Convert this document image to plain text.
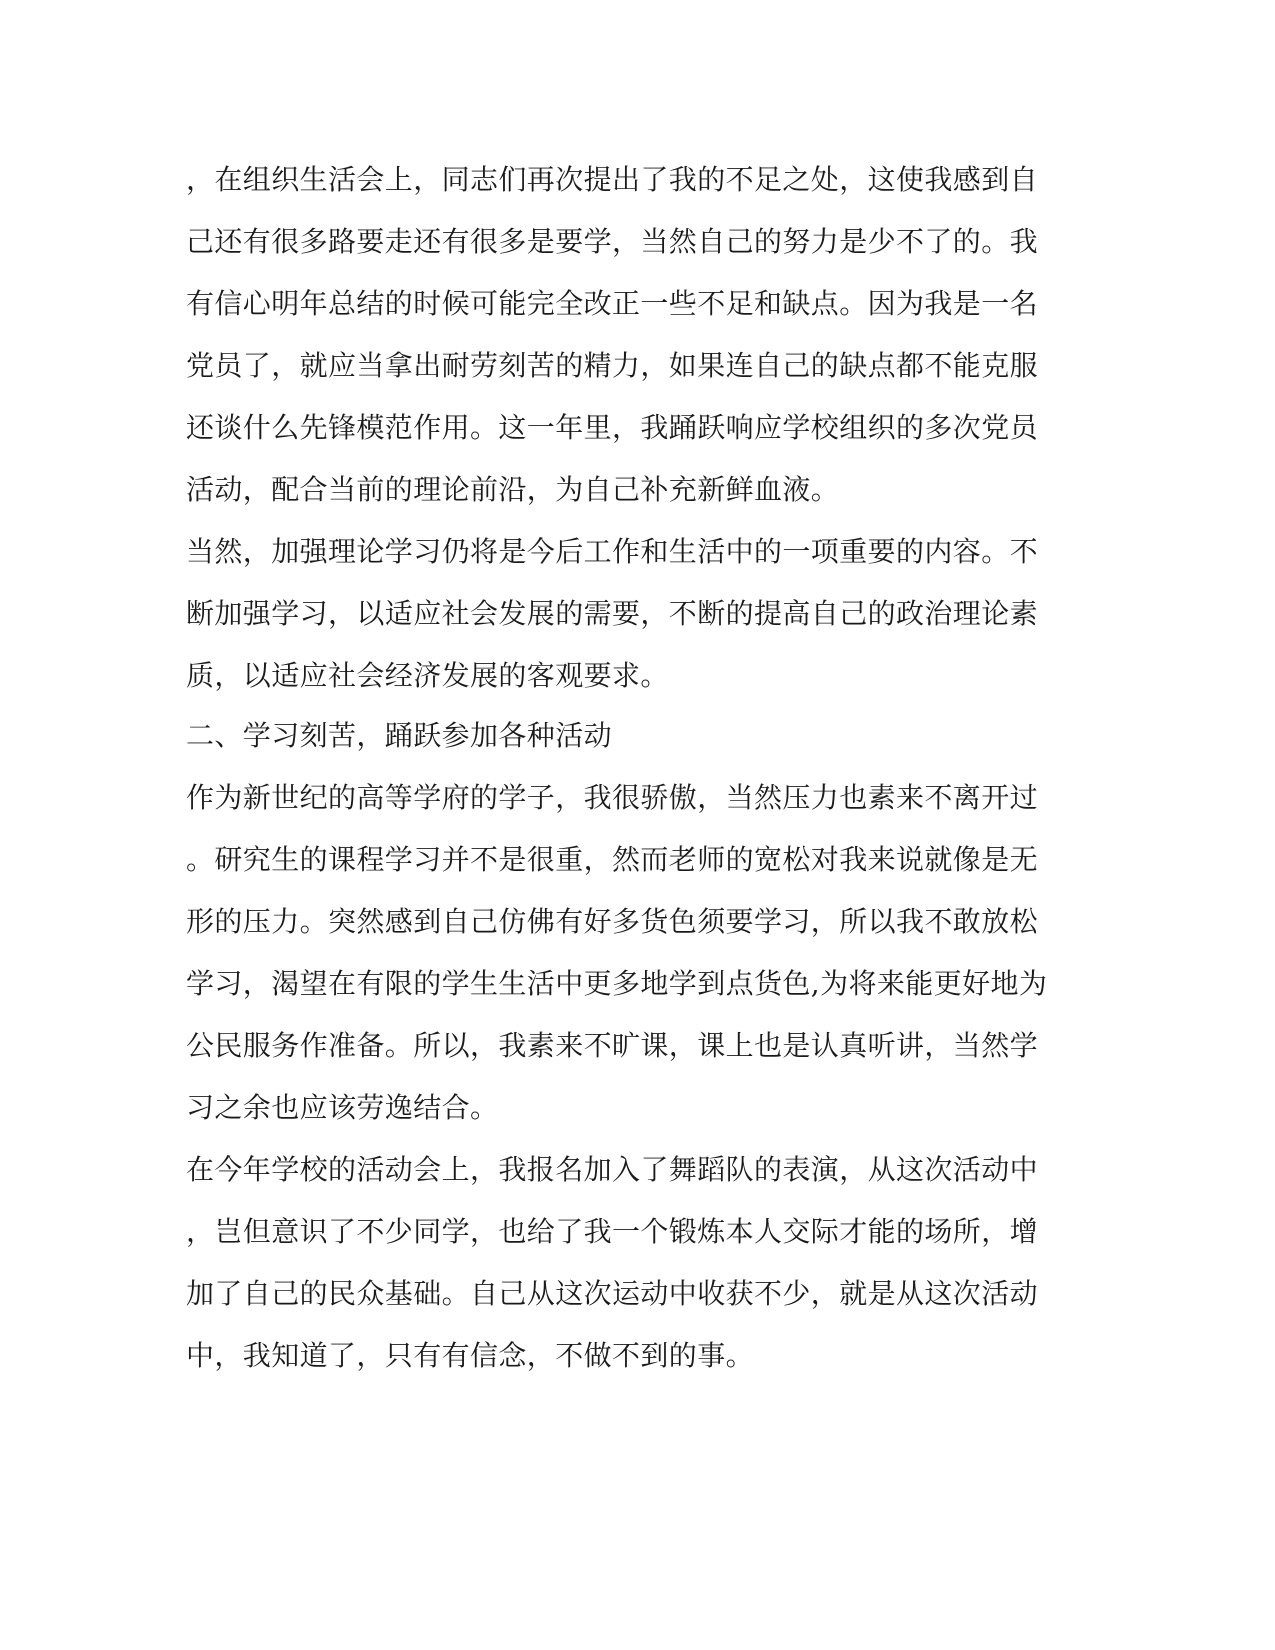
，在组织生活会上，同志们再次提出了我的不足之处，这使我感到自
己还有很多路要走还有很多是要学，当然自己的努力是少不了的。我
有信心明年总结的时候可能完全改正一些不足和缺点。因为我是一名
党员了，就应当拿出耐劳刻苦的精力，如果连自己的缺点都不能克服
还谈什么先锋模范作用。这一年里，我踊跃响应学校组织的多次党员
活动，配合当前的理论前沿，为自己补充新鲜血液。
当然，加强理论学习仍将是今后工作和生活中的一项重要的内容。不
断加强学习，以适应社会发展的需要，不断的提高自己的政治理论素
质，以适应社会经济发展的客观要求。
二、学习刻苦，踊跃参加各种活动
作为新世纪的高等学府的学子，我很骄傲，当然压力也素来不离开过
。研究生的课程学习并不是很重，然而老师的宽松对我来说就像是无
形的压力。突然感到自己仿佛有好多货色须要学习，所以我不敢放松
学习，渴望在有限的学生生活中更多地学到点货色,为将来能更好地为
公民服务作准备。所以，我素来不旷课，课上也是认真听讲，当然学
习之余也应该劳逸结合。
在今年学校的活动会上，我报名加入了舞蹈队的表演，从这次活动中
，岂但意识了不少同学，也给了我一个锻炼本人交际才能的场所，增
加了自己的民众基础。自己从这次运动中收获不少，就是从这次活动
中，我知道了，只有有信念，不做不到的事。
